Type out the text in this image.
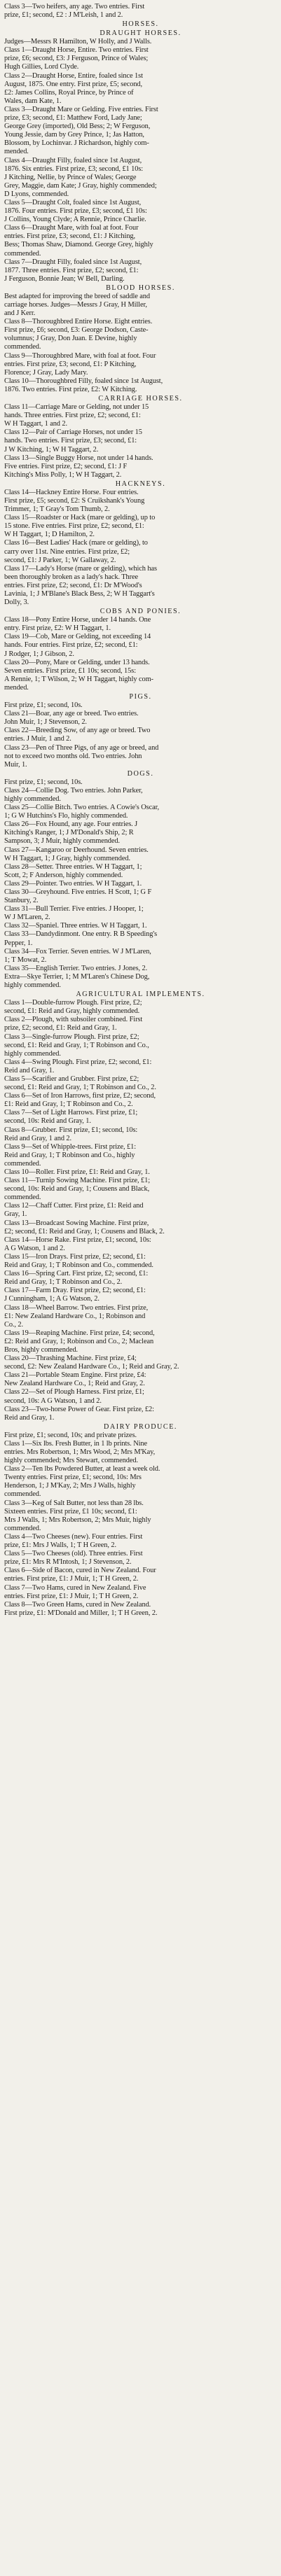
Class 3—Two heifers, any age. Two entries. First
prize, £1; second, £2 : J M'Leish, 1 and 2.
HORSES.
DRAUGHT HORSES.
Judges—Messrs R Hamilton, W Holly, and J Walls.
Class 1—Draught Horse, Entire. Two entries. First
prize, £6; second, £3: J Ferguson, Prince of Wales;
Hugh Gillies, Lord Clyde.
Class 2—Draught Horse, Entire, foaled since 1st
August, 1875. One entry. First prize, £5; second,
£2: James Collins, Royal Prince, by Prince of
Wales, dam Kate, 1.
Class 3—Draught Mare or Gelding. Five entries. First
prize, £3; second, £1: Matthew Ford, Lady Jane;
George Grey (imported), Old Bess; 2; W Ferguson,
Young Jessie, dam by Grey Prince, 1; Jas Hatton,
Blossom, by Lochinvar. J Richardson, highly com-
mended.
Class 4—Draught Filly, foaled since 1st August,
1876. Six entries. First prize, £3; second, £1 10s:
J Kitching, Nellie, by Prince of Wales; George
Grey, Maggie, dam Kate; J Gray, highly commended;
D Lyons, commended.
Class 5—Draught Colt, foaled since 1st August,
1876. Four entries. First prize, £3; second, £1 10s:
J Collins, Young Clyde; A Rennie, Prince Charlie.
Class 6—Draught Mare, with foal at foot. Four
entries. First prize, £3; second, £1: J Kitching,
Bess; Thomas Shaw, Diamond. George Grey, highly
commended.
Class 7—Draught Filly, foaled since 1st August,
1877. Three entries. First prize, £2; second, £1:
J Ferguson, Bonnie Jean; W Bell, Darling.
BLOOD HORSES.
Best adapted for improving the breed of saddle and
carriage horses. Judges—Messrs J Gray, H Miller,
and J Kerr.
Class 8—Thoroughbred Entire Horse. Eight entries.
First prize, £6; second, £3: George Dodson, Caste-
volumnus; J Gray, Don Juan. E Devine, highly
commended.
Class 9—Thoroughbred Mare, with foal at foot. Four
entries. First prize, £3; second, £1: P Kitching,
Florence; J Gray, Lady Mary.
Class 10—Thoroughbred Filly, foaled since 1st August,
1876. Two entries. First prize, £2: W Kitching.
CARRIAGE HORSES.
Class 11—Carriage Mare or Gelding, not under 15
hands. Three entries. First prize, £2; second, £1:
W H Taggart, 1 and 2.
Class 12—Pair of Carriage Horses, not under 15
hands. Two entries. First prize, £3; second, £1:
J W Kitching, 1; W H Taggart, 2.
Class 13—Single Buggy Horse, not under 14 hands.
Five entries. First prize, £2; second, £1: J F
Kitching's Miss Polly, 1; W H Taggart, 2.
HACKNEYS.
Class 14—Hackney Entire Horse. Four entries.
First prize, £5; second, £2: S Cruikshank's Young
Trimmer, 1; T Gray's Tom Thumb, 2.
Class 15—Roadster or Hack (mare or gelding), up to
15 stone. Five entries. First prize, £2; second, £1:
W H Taggart, 1; D Hamilton, 2.
Class 16—Best Ladies' Hack (mare or gelding), to
carry over 11st. Nine entries. First prize, £2;
second, £1: J Parker, 1; W Gallaway, 2.
Class 17—Lady's Horse (mare or gelding), which has
been thoroughly broken as a lady's hack. Three
entries. First prize, £2; second, £1: Dr M'Wood's
Lavinia, 1; J M'Blane's Black Bess, 2; W H Taggart's
Dolly, 3.
COBS AND PONIES.
Class 18—Pony Entire Horse, under 14 hands. One
entry. First prize, £2: W H Taggart, 1.
Class 19—Cob, Mare or Gelding, not exceeding 14
hands. Four entries. First prize, £2; second, £1:
J Rodger, 1; J Gibson, 2.
Class 20—Pony, Mare or Gelding, under 13 hands.
Seven entries. First prize, £1 10s; second, 15s:
A Rennie, 1; T Wilson, 2; W H Taggart, highly com-
mended.
PIGS.
First prize, £1; second, 10s.
Class 21—Boar, any age or breed. Two entries.
John Muir, 1; J Stevenson, 2.
Class 22—Breeding Sow, of any age or breed. Two
entries. J Muir, 1 and 2.
Class 23—Pen of Three Pigs, of any age or breed, and
not to exceed two months old. Two entries. John
Muir, 1.
DOGS.
First prize, £1; second, 10s.
Class 24—Collie Dog. Two entries. John Parker,
highly commended.
Class 25—Collie Bitch. Two entries. A Cowie's Oscar,
1; G W Hutchins's Flo, highly commended.
Class 26—Fox Hound, any age. Four entries. J
Kitching's Ranger, 1; J M'Donald's Ship, 2; R
Sampson, 3; J Muir, highly commended.
Class 27—Kangaroo or Deerhound. Seven entries.
W H Taggart, 1; J Gray, highly commended.
Class 28—Setter. Three entries. W H Taggart, 1;
Scott, 2; F Anderson, highly commended.
Class 29—Pointer. Two entries. W H Taggart, 1.
Class 30—Greyhound. Five entries. H Scott, 1; G F
Stanbury, 2.
Class 31—Bull Terrier. Five entries. J Hooper, 1;
W J M'Laren, 2.
Class 32—Spaniel. Three entries. W H Taggart, 1.
Class 33—Dandydinmont. One entry. R B Speeding's
Pepper, 1.
Class 34—Fox Terrier. Seven entries. W J M'Laren,
1; T Mowat, 2.
Class 35—English Terrier. Two entries. J Jones, 2.
Extra—Skye Terrier, 1; M M'Laren's Chinese Dog,
highly commended.
AGRICULTURAL IMPLEMENTS.
Class 1—Double-furrow Plough. First prize, £2;
second, £1: Reid and Gray, highly commended.
Class 2—Plough, with subsoiler combined. First
prize, £2; second, £1: Reid and Gray, 1.
Class 3—Single-furrow Plough. First prize, £2;
second, £1: Reid and Gray, 1; T Robinson and Co.,
highly commended.
Class 4—Swing Plough. First prize, £2; second, £1:
Reid and Gray, 1.
Class 5—Scarifier and Grubber. First prize, £2;
second, £1: Reid and Gray, 1; T Robinson and Co., 2.
Class 6—Set of Iron Harrows, first prize, £2; second,
£1: Reid and Gray, 1; T Robinson and Co., 2.
Class 7—Set of Light Harrows. First prize, £1;
second, 10s: Reid and Gray, 1.
Class 8—Grubber. First prize, £1; second, 10s:
Reid and Gray, 1 and 2.
Class 9—Set of Whipple-trees. First prize, £1:
Reid and Gray, 1; T Robinson and Co., highly
commended.
Class 10—Roller. First prize, £1: Reid and Gray, 1.
Class 11—Turnip Sowing Machine. First prize, £1;
second, 10s: Reid and Gray, 1; Cousens and Black,
commended.
Class 12—Chaff Cutter. First prize, £1: Reid and
Gray, 1.
Class 13—Broadcast Sowing Machine. First prize,
£2; second, £1: Reid and Gray, 1; Cousens and Black, 2.
Class 14—Horse Rake. First prize, £1; second, 10s:
A G Watson, 1 and 2.
Class 15—Iron Drays. First prize, £2; second, £1:
Reid and Gray, 1; T Robinson and Co., commended.
Class 16—Spring Cart. First prize, £2; second, £1:
Reid and Gray, 1; T Robinson and Co., 2.
Class 17—Farm Dray. First prize, £2; second, £1:
J Cunningham, 1; A G Watson, 2.
Class 18—Wheel Barrow. Two entries. First prize,
£1: New Zealand Hardware Co., 1; Robinson and
Co., 2.
Class 19—Reaping Machine. First prize, £4; second,
£2: Reid and Gray, 1; Robinson and Co., 2; Maclean
Bros, highly commended.
Class 20—Thrashing Machine. First prize, £4;
second, £2: New Zealand Hardware Co., 1; Reid and Gray, 2.
Class 21—Portable Steam Engine. First prize, £4:
New Zealand Hardware Co., 1; Reid and Gray, 2.
Class 22—Set of Plough Harness. First prize, £1;
second, 10s: A G Watson, 1 and 2.
Class 23—Two-horse Power of Gear. First prize, £2:
Reid and Gray, 1.
DAIRY PRODUCE.
First prize, £1; second, 10s; and private prizes.
Class 1—Six lbs. Fresh Butter, in 1 lb prints. Nine
entries. Mrs Robertson, 1; Mrs Wood, 2; Mrs M'Kay,
highly commended; Mrs Stewart, commended.
Class 2—Ten lbs Powdered Butter, at least a week old.
Twenty entries. First prize, £1; second, 10s: Mrs
Henderson, 1; J M'Kay, 2; Mrs J Walls, highly
commended.
Class 3—Keg of Salt Butter, not less than 28 lbs.
Sixteen entries. First prize, £1 10s; second, £1:
Mrs J Walls, 1; Mrs Robertson, 2; Mrs Muir, highly
commended.
Class 4—Two Cheeses (new). Four entries. First
prize, £1: Mrs J Walls, 1; T H Green, 2.
Class 5—Two Cheeses (old). Three entries. First
prize, £1: Mrs R M'Intosh, 1; J Stevenson, 2.
Class 6—Side of Bacon, cured in New Zealand. Four
entries. First prize, £1: J Muir, 1; T H Green, 2.
Class 7—Two Hams, cured in New Zealand. Five
entries. First prize, £1: J Muir, 1; T H Green, 2.
Class 8—Two Green Hams, cured in New Zealand.
First prize, £1: M'Donald and Miller, 1; T H Green, 2.
